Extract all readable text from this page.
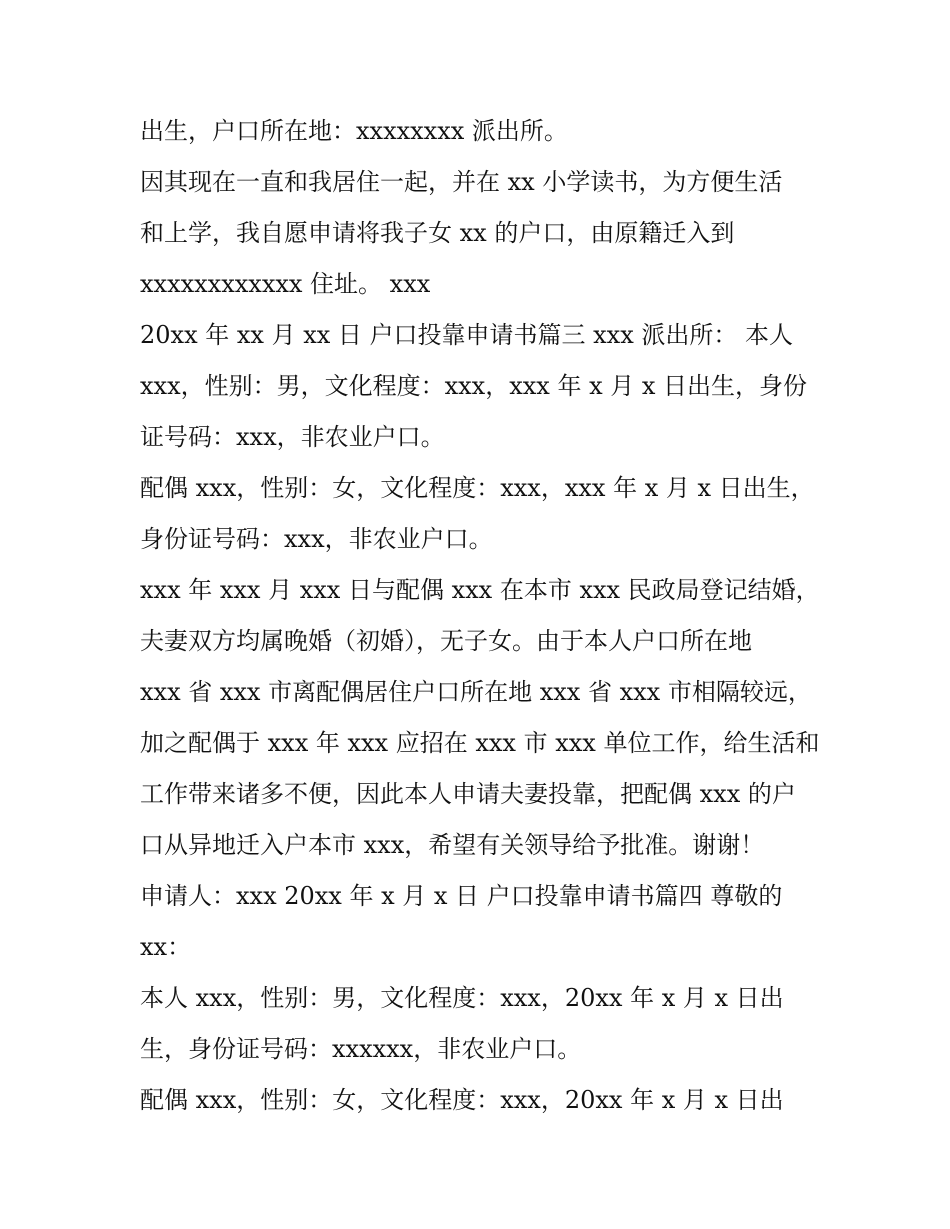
出生，户口所在地：xxxxxxxx 派出所。
因其现在一直和我居住一起，并在 xx 小学读书，为方便生活
和上学，我自愿申请将我子女 xx 的户口，由原籍迁入到
xxxxxxxxxxxx 住址。 xxx
20xx 年 xx 月 xx 日 户口投靠申请书篇三 xxx 派出所： 本人
xxx，性别：男，文化程度：xxx，xxx 年 x 月 x 日出生，身份
证号码：xxx，非农业户口。
配偶 xxx，性别：女，文化程度：xxx，xxx 年 x 月 x 日出生，
身份证号码：xxx，非农业户口。
xxx 年 xxx 月 xxx 日与配偶 xxx 在本市 xxx 民政局登记结婚，
夫妻双方均属晚婚（初婚），无子女。由于本人户口所在地
xxx 省 xxx 市离配偶居住户口所在地 xxx 省 xxx 市相隔较远，
加之配偶于 xxx 年 xxx 应招在 xxx 市 xxx 单位工作，给生活和
工作带来诸多不便，因此本人申请夫妻投靠，把配偶 xxx 的户
口从异地迁入户本市 xxx，希望有关领导给予批准。谢谢！
申请人：xxx 20xx 年 x 月 x 日 户口投靠申请书篇四 尊敬的
xx：
本人 xxx，性别：男，文化程度：xxx，20xx 年 x 月 x 日出
生，身份证号码：xxxxxx，非农业户口。
配偶 xxx，性别：女，文化程度：xxx，20xx 年 x 月 x 日出
